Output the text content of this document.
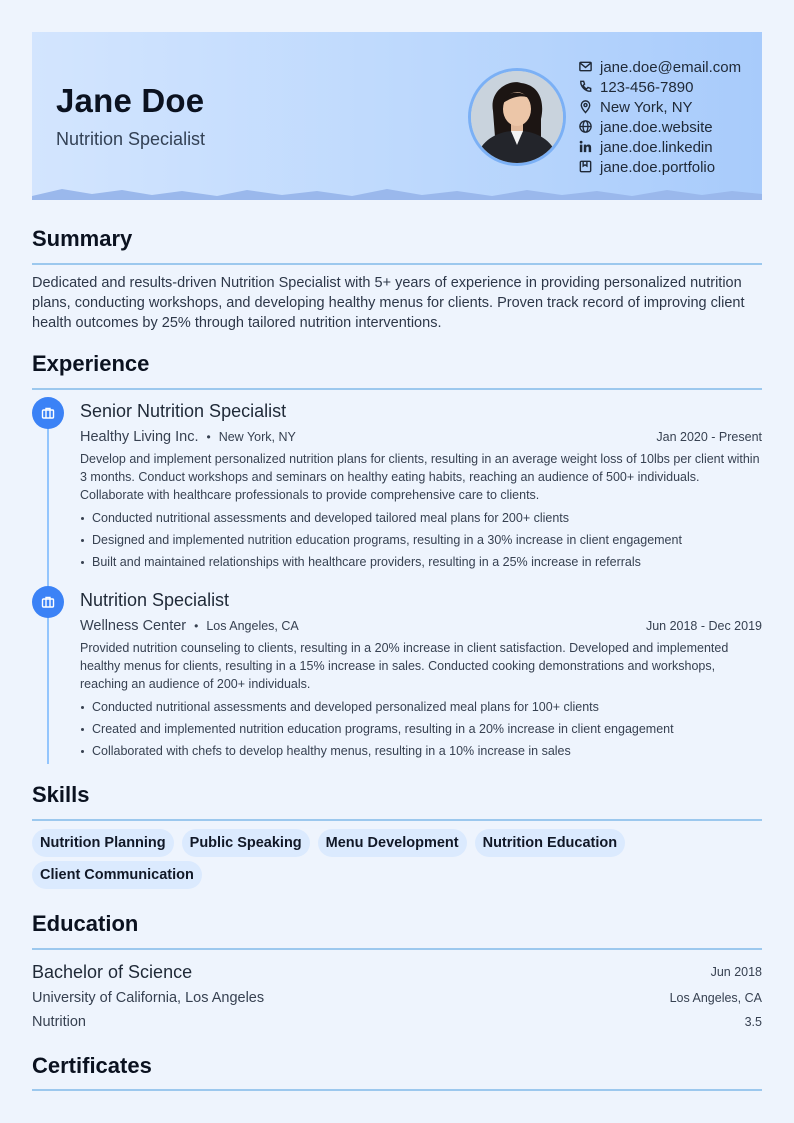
Jane Doe
Nutrition Specialist
jane.doe@email.com
123-456-7890
New York, NY
jane.doe.website
jane.doe.linkedin
jane.doe.portfolio
Summary

Dedicated and results-driven Nutrition Specialist with 5+ years of experience in providing personalized nutrition plans, conducting workshops, and developing healthy menus for clients. Proven track record of improving client health outcomes by 25% through tailored nutrition interventions.

Experience
Senior Nutrition Specialist
Healthy Living Inc. • New York, NY	Jan 2020 - Present

Develop and implement personalized nutrition plans for clients, resulting in an average weight loss of 10lbs per client within 3 months. Conduct workshops and seminars on healthy eating habits, reaching an audience of 500+ individuals. Collaborate with healthcare professionals to provide comprehensive care to clients.

Conducted nutritional assessments and developed tailored meal plans for 200+ clients
Designed and implemented nutrition education programs, resulting in a 30% increase in client engagement
Built and maintained relationships with healthcare providers, resulting in a 25% increase in referrals
Nutrition Specialist
Wellness Center • Los Angeles, CA	Jun 2018 - Dec 2019

Provided nutrition counseling to clients, resulting in a 20% increase in client satisfaction. Developed and implemented healthy menus for clients, resulting in a 15% increase in sales. Conducted cooking demonstrations and workshops, reaching an audience of 200+ individuals.

Conducted nutritional assessments and developed personalized meal plans for 100+ clients
Created and implemented nutrition education programs, resulting in a 20% increase in client engagement
Collaborated with chefs to develop healthy menus, resulting in a 10% increase in sales
Skills
Nutrition Planning	Public Speaking	Menu Development	Nutrition Education
Client Communication
Education
Bachelor of Science	Jun 2018
University of California, Los Angeles	Los Angeles, CA
Nutrition	3.5
Certificates
